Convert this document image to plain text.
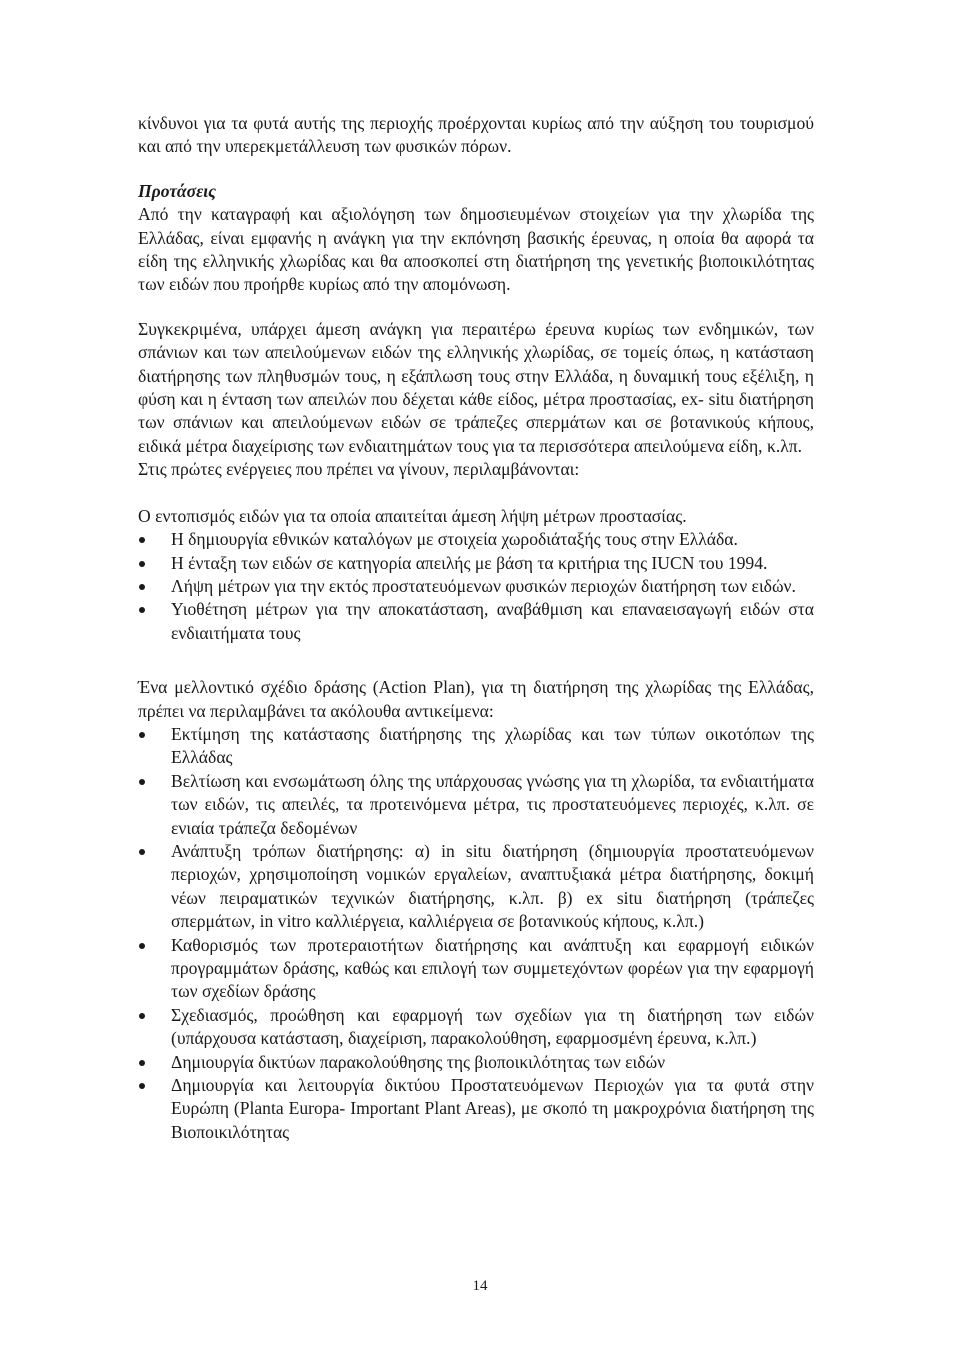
κίνδυνοι για τα φυτά αυτής της περιοχής προέρχονται κυρίως από την αύξηση του τουρισμού και από την υπερεκμετάλλευση των φυσικών πόρων.

Προτάσεις

Από την καταγραφή και αξιολόγηση των δημοσιευμένων στοιχείων για την χλωρίδα της Ελλάδας, είναι εμφανής η ανάγκη για την εκπόνηση βασικής έρευνας, η οποία θα αφορά τα είδη της ελληνικής χλωρίδας και θα αποσκοπεί στη διατήρηση της γενετικής βιοποικιλότητας των ειδών που προήρθε κυρίως από την απομόνωση.

Συγκεκριμένα, υπάρχει άμεση ανάγκη για περαιτέρω έρευνα κυρίως των ενδημικών, των σπάνιων και των απειλούμενων ειδών της ελληνικής χλωρίδας, σε τομείς όπως, η κατάσταση διατήρησης των πληθυσμών τους, η εξάπλωση τους στην Ελλάδα, η δυναμική τους εξέλιξη, η φύση και η ένταση των απειλών που δέχεται κάθε είδος, μέτρα προστασίας, ex- situ διατήρηση των σπάνιων και απειλούμενων ειδών σε τράπεζες σπερμάτων και σε βοτανικούς κήπους, ειδικά μέτρα διαχείρισης των ενδιαιτημάτων τους για τα περισσότερα απειλούμενα είδη, κ.λπ.

Στις πρώτες ενέργειες που πρέπει να γίνουν, περιλαμβάνονται:

Ο εντοπισμός ειδών για τα οποία απαιτείται άμεση λήψη μέτρων προστασίας.

Η δημιουργία εθνικών καταλόγων με στοιχεία χωροδιάταξής τους στην Ελλάδα.
Η ένταξη των ειδών σε κατηγορία απειλής με βάση τα κριτήρια της IUCN του 1994.
Λήψη μέτρων για την εκτός προστατευόμενων φυσικών περιοχών διατήρηση των ειδών.
Υιοθέτηση μέτρων για την αποκατάσταση, αναβάθμιση και επαναεισαγωγή ειδών στα ενδιαιτήματα τους

Ένα μελλοντικό σχέδιο δράσης (Action Plan), για τη διατήρηση της χλωρίδας της Ελλάδας, πρέπει να περιλαμβάνει τα ακόλουθα αντικείμενα:

Εκτίμηση της κατάστασης διατήρησης της χλωρίδας και των τύπων οικοτόπων της Ελλάδας
Βελτίωση και ενσωμάτωση όλης της υπάρχουσας γνώσης για τη χλωρίδα, τα ενδιαιτήματα των ειδών, τις απειλές, τα προτεινόμενα μέτρα, τις προστατευόμενες περιοχές, κ.λπ. σε ενιαία τράπεζα δεδομένων
Ανάπτυξη τρόπων διατήρησης: α) in situ διατήρηση (δημιουργία προστατευόμενων περιοχών, χρησιμοποίηση νομικών εργαλείων, αναπτυξιακά μέτρα διατήρησης, δοκιμή νέων πειραματικών τεχνικών διατήρησης, κ.λπ. β) ex situ διατήρηση (τράπεζες σπερμάτων, in vitro καλλιέργεια, καλλιέργεια σε βοτανικούς κήπους, κ.λπ.)
Καθορισμός των προτεραιοτήτων διατήρησης και ανάπτυξη και εφαρμογή ειδικών προγραμμάτων δράσης, καθώς και επιλογή των συμμετεχόντων φορέων για την εφαρμογή των σχεδίων δράσης
Σχεδιασμός, προώθηση και εφαρμογή των σχεδίων για τη διατήρηση των ειδών (υπάρχουσα κατάσταση, διαχείριση, παρακολούθηση, εφαρμοσμένη έρευνα, κ.λπ.)
Δημιουργία δικτύων παρακολούθησης της βιοποικιλότητας των ειδών
Δημιουργία και λειτουργία δικτύου Προστατευόμενων Περιοχών για τα φυτά στην Ευρώπη (Planta Europa- Important Plant Areas), με σκοπό τη μακροχρόνια διατήρηση της Βιοποικιλότητας
14
